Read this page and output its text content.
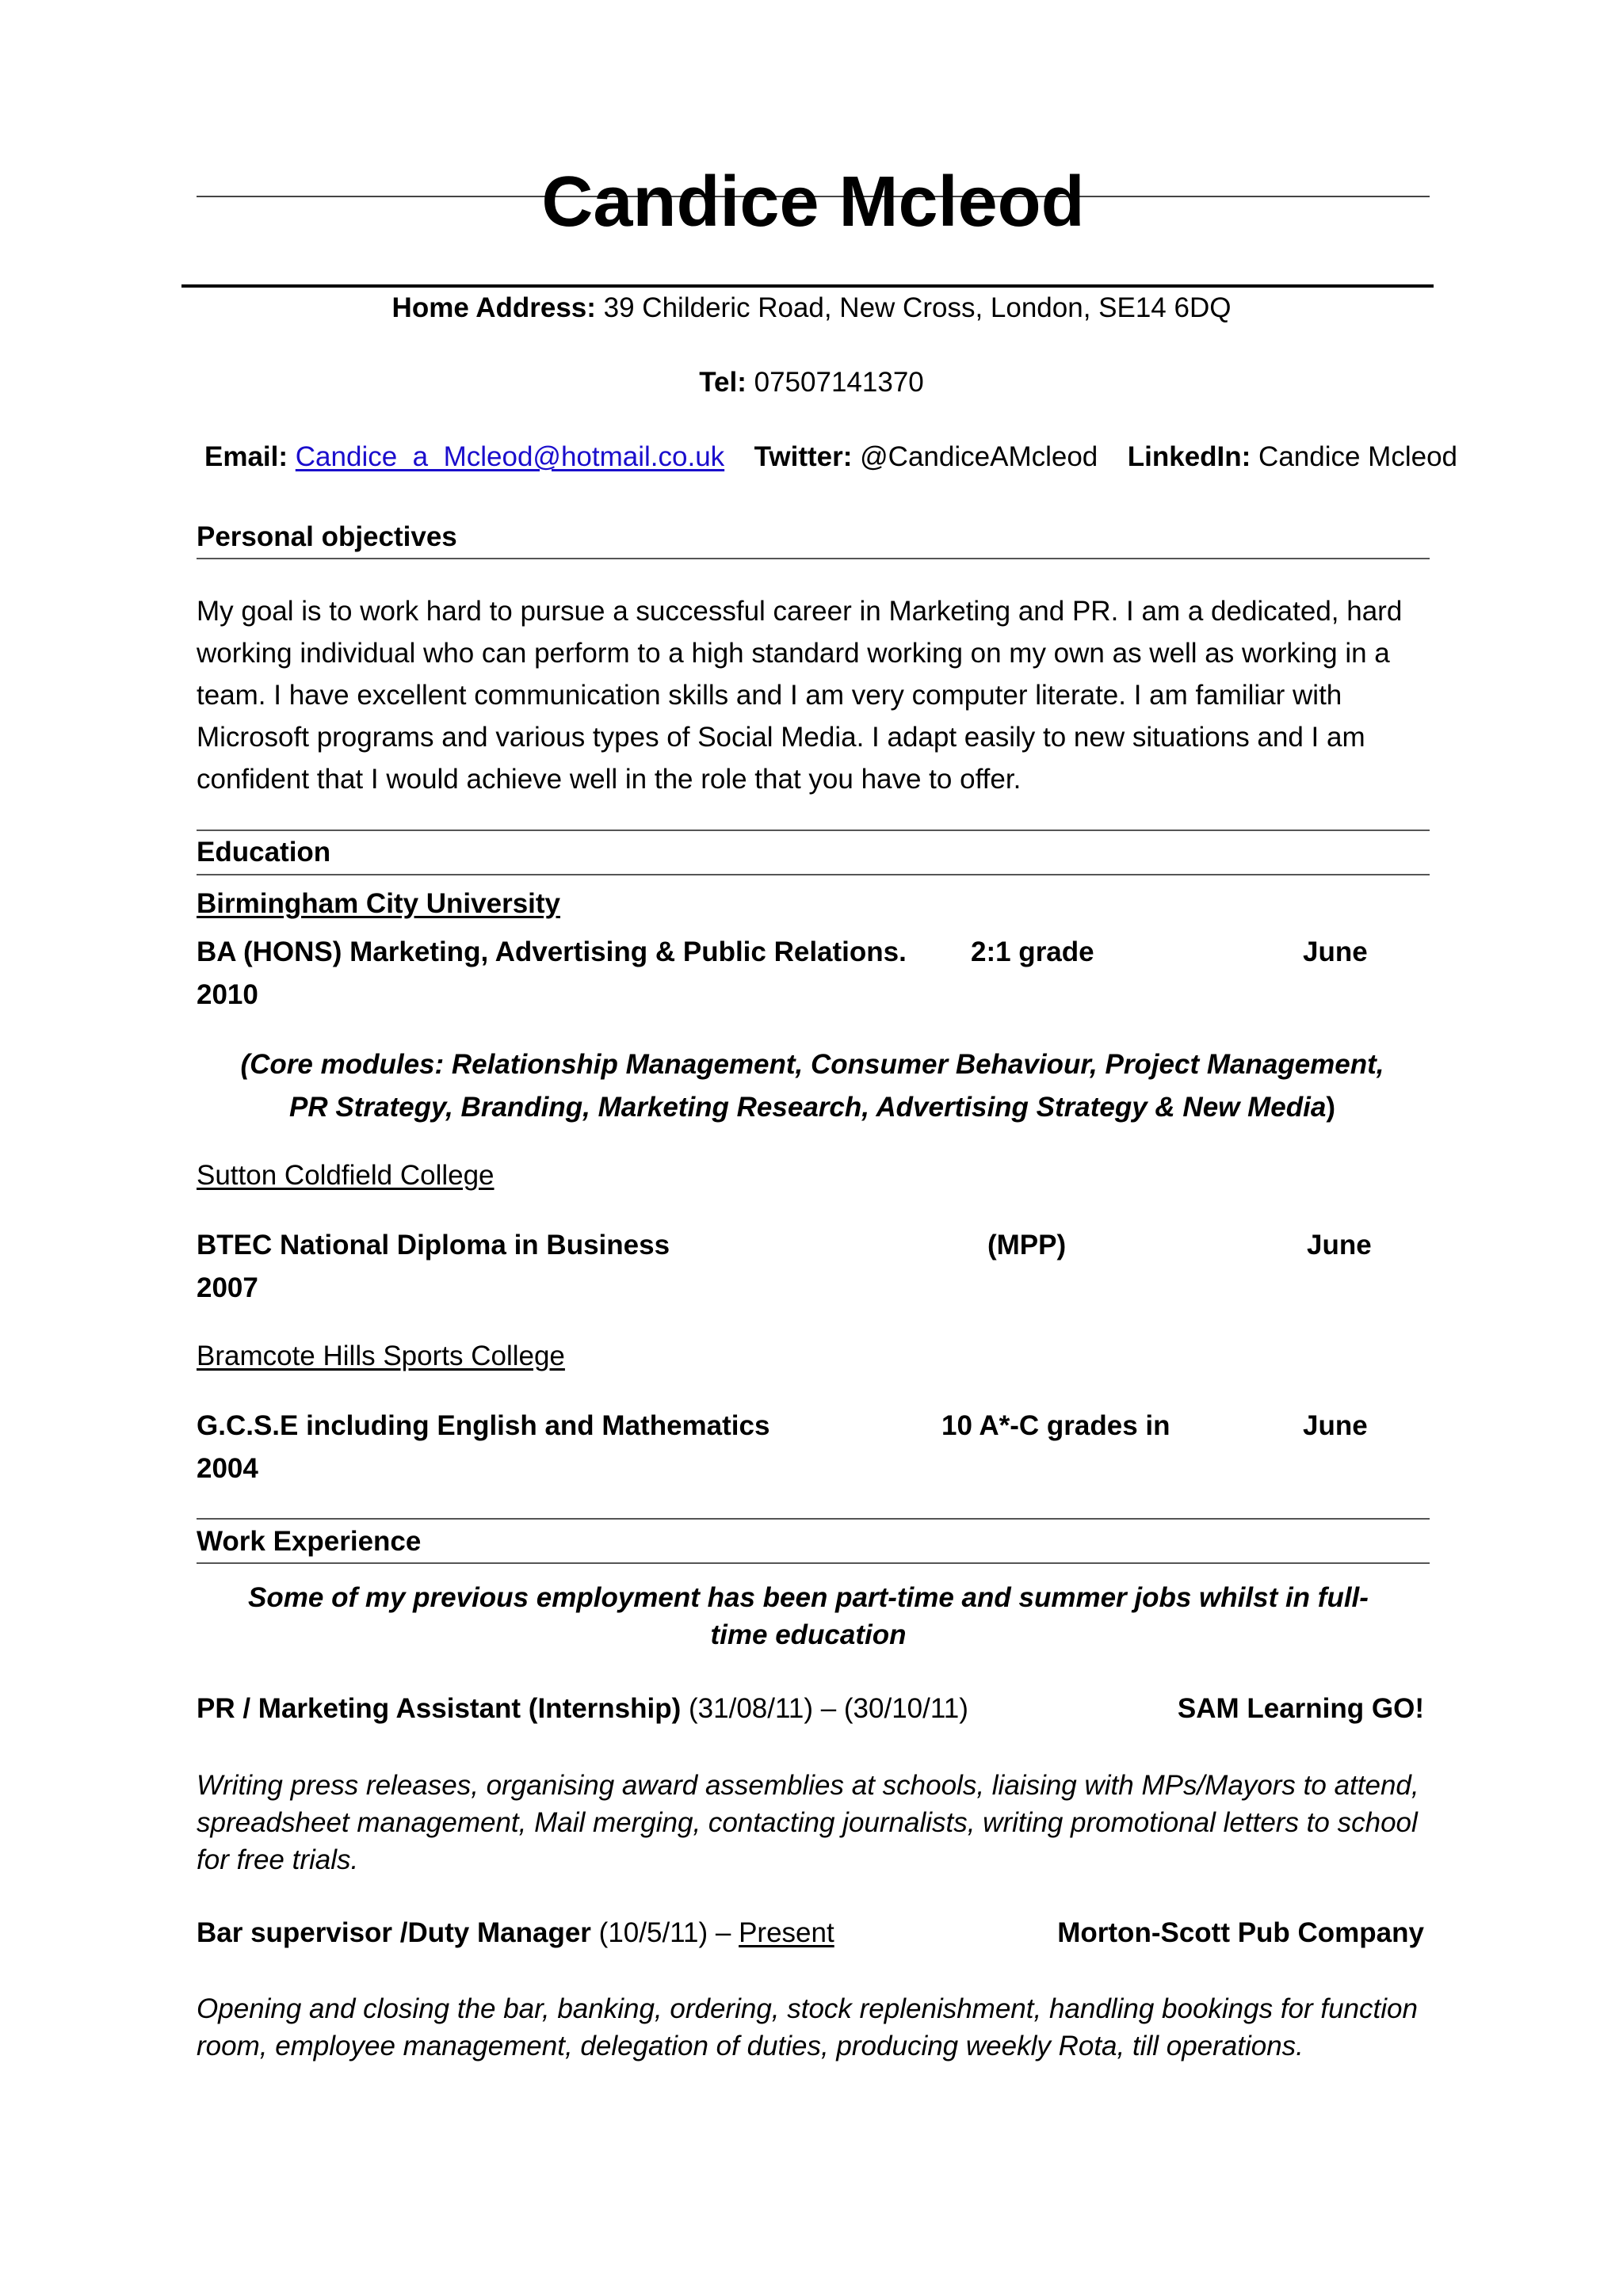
Candice Mcleod
Home Address: 39 Childeric Road, New Cross, London, SE14 6DQ
Tel: 07507141370
Email: Candice_a_Mcleod@hotmail.co.uk Twitter: @CandiceAMcleod LinkedIn: Candice Mcleod
Personal objectives
My goal is to work hard to pursue a successful career in Marketing and PR. I am a dedicated, hard working individual who can perform to a high standard working on my own as well as working in a team. I have excellent communication skills and I am very computer literate. I am familiar with Microsoft programs and various types of Social Media. I adapt easily to new situations and I am confident that I would achieve well in the role that you have to offer.
Education
Birmingham City University
BA (HONS) Marketing, Advertising & Public Relations. 2:1 grade	June
2010
(Core modules: Relationship Management, Consumer Behaviour, Project Management, PR Strategy, Branding, Marketing Research, Advertising Strategy & New Media)
Sutton Coldfield College
BTEC National Diploma in Business	(MPP)	June
2007
Bramcote Hills Sports College
G.C.S.E including English and Mathematics	10 A*-C grades in	June
2004
Work Experience
Some of my previous employment has been part-time and summer jobs whilst in full-time education
PR / Marketing Assistant (Internship) (31/08/11) – (30/10/11)	SAM Learning GO!
Writing press releases, organising award assemblies at schools, liaising with MPs/Mayors to attend, spreadsheet management, Mail merging, contacting journalists, writing promotional letters to school for free trials.
Bar supervisor /Duty Manager (10/5/11) – Present	Morton-Scott Pub Company
Opening and closing the bar, banking, ordering, stock replenishment, handling bookings for function room, employee management, delegation of duties, producing weekly Rota, till operations.
